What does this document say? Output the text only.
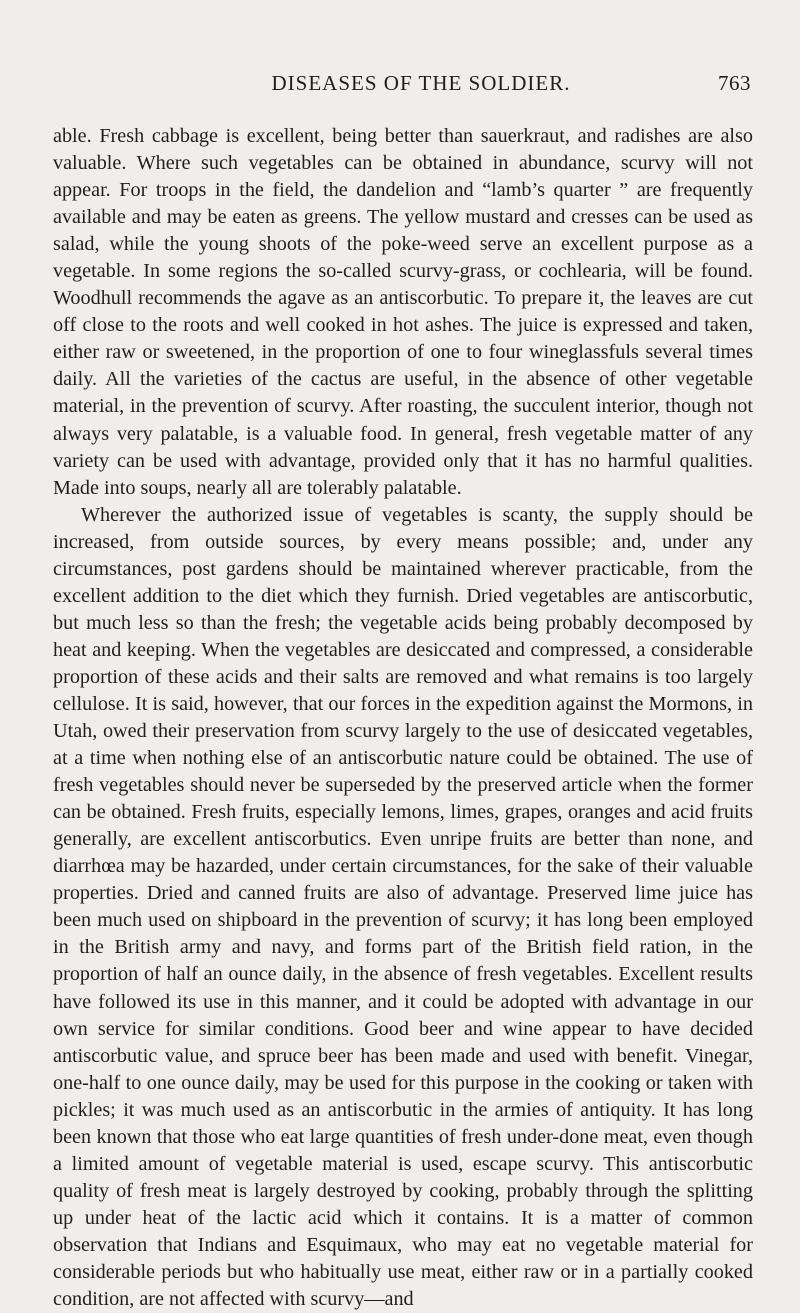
DISEASES OF THE SOLDIER.	763

able. Fresh cabbage is excellent, being better than sauerkraut, and radishes are also valuable. Where such vegetables can be obtained in abundance, scurvy will not appear. For troops in the field, the dandelion and “lamb’s quarter ” are frequently available and may be eaten as greens. The yellow mustard and cresses can be used as salad, while the young shoots of the poke-weed serve an excellent purpose as a vegetable. In some regions the so-called scurvy-grass, or cochlearia, will be found. Woodhull recommends the agave as an antiscorbutic. To prepare it, the leaves are cut off close to the roots and well cooked in hot ashes. The juice is expressed and taken, either raw or sweetened, in the proportion of one to four wineglassfuls several times daily. All the varieties of the cactus are useful, in the absence of other vegetable material, in the prevention of scurvy. After roasting, the succulent interior, though not always very palatable, is a valuable food. In general, fresh vegetable matter of any variety can be used with advantage, provided only that it has no harmful qualities. Made into soups, nearly all are tolerably palatable.

Wherever the authorized issue of vegetables is scanty, the supply should be increased, from outside sources, by every means possible; and, under any circumstances, post gardens should be maintained wherever practicable, from the excellent addition to the diet which they furnish. Dried vegetables are antiscorbutic, but much less so than the fresh; the vegetable acids being probably decomposed by heat and keeping. When the vegetables are desiccated and compressed, a considerable proportion of these acids and their salts are removed and what remains is too largely cellulose. It is said, however, that our forces in the expedition against the Mormons, in Utah, owed their preservation from scurvy largely to the use of desiccated vegetables, at a time when nothing else of an antiscorbutic nature could be obtained. The use of fresh vegetables should never be superseded by the preserved article when the former can be obtained. Fresh fruits, especially lemons, limes, grapes, oranges and acid fruits generally, are excellent antiscorbutics. Even unripe fruits are better than none, and diarrhœa may be hazarded, under certain circumstances, for the sake of their valuable properties. Dried and canned fruits are also of advantage. Preserved lime juice has been much used on shipboard in the prevention of scurvy; it has long been employed in the British army and navy, and forms part of the British field ration, in the proportion of half an ounce daily, in the absence of fresh vegetables. Excellent results have followed its use in this manner, and it could be adopted with advantage in our own service for similar conditions. Good beer and wine appear to have decided antiscorbutic value, and spruce beer has been made and used with benefit. Vinegar, one-half to one ounce daily, may be used for this purpose in the cooking or taken with pickles; it was much used as an antiscorbutic in the armies of antiquity. It has long been known that those who eat large quantities of fresh under-done meat, even though a limited amount of vegetable material is used, escape scurvy. This antiscorbutic quality of fresh meat is largely destroyed by cooking, probably through the splitting up under heat of the lactic acid which it contains. It is a matter of common observation that Indians and Esquimaux, who may eat no vegetable material for considerable periods but who habitually use meat, either raw or in a partially cooked condition, are not affected with scurvy—and
